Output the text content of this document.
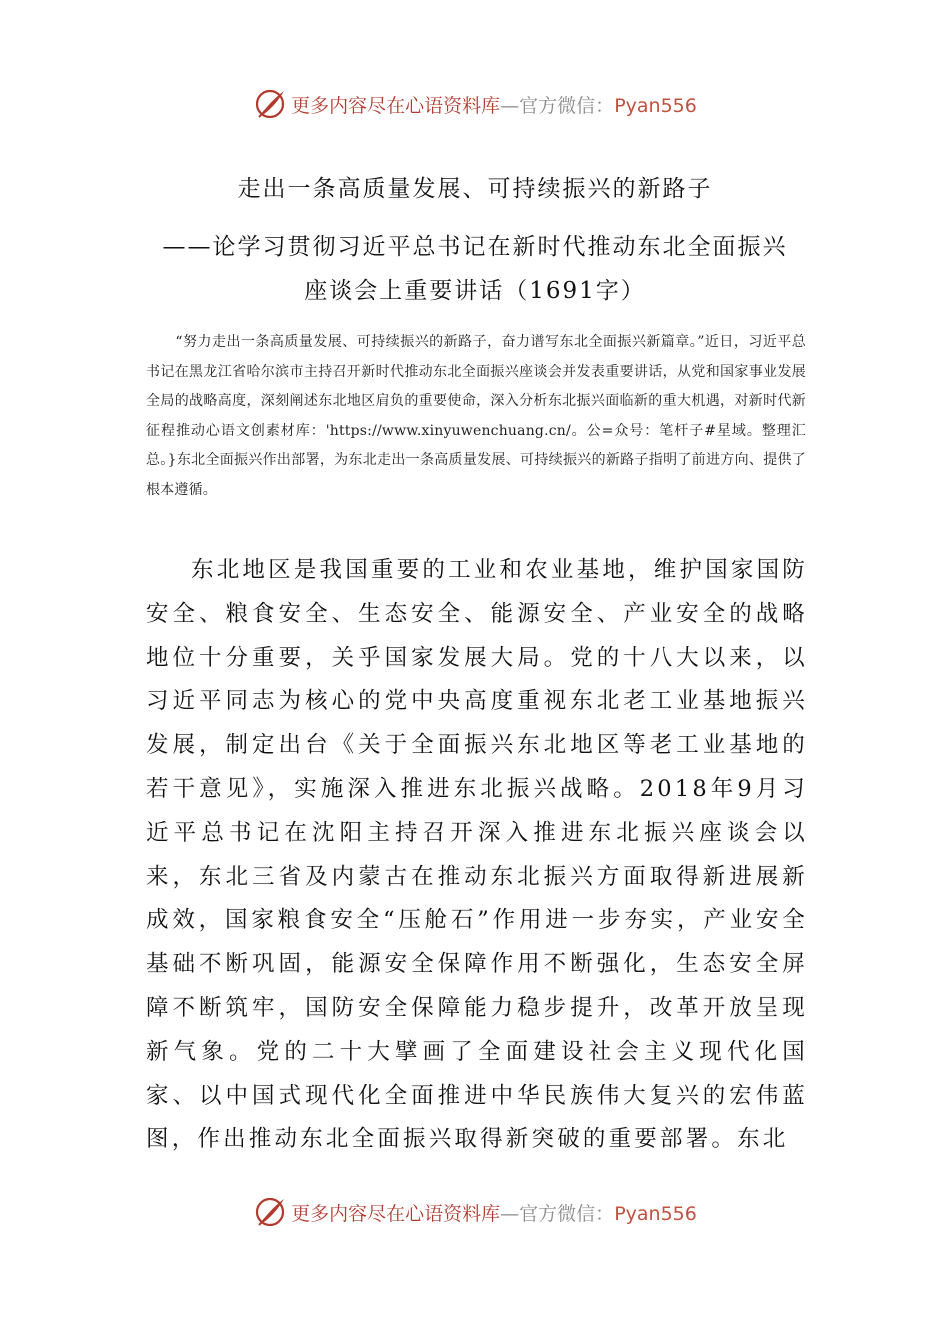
更多内容尽在心语资料库—官方微信：Pyan556
走出一条高质量发展、可持续振兴的新路子
——论学习贯彻习近平总书记在新时代推动东北全面振兴
座谈会上重要讲话（1691字）

“努力走出一条高质量发展、可持续振兴的新路子，奋力谱写东北全面振兴新篇章。”近日，习近平总书记在黑龙江省哈尔滨市主持召开新时代推动东北全面振兴座谈会并发表重要讲话，从党和国家事业发展全局的战略高度，深刻阐述东北地区肩负的重要使命，深入分析东北振兴面临新的重大机遇，对新时代新征程推动心语文创素材库：'https://www.xinyuwenchuang.cn/。公=众号：笔杆子#星域。整理汇总。}东北全面振兴作出部署，为东北走出一条高质量发展、可持续振兴的新路子指明了前进方向、提供了根本遵循。

东北地区是我国重要的工业和农业基地，维护国家国防安全、粮食安全、生态安全、能源安全、产业安全的战略地位十分重要，关乎国家发展大局。党的十八大以来，以习近平同志为核心的党中央高度重视东北老工业基地振兴发展，制定出台《关于全面振兴东北地区等老工业基地的若干意见》，实施深入推进东北振兴战略。2018年9月习近平总书记在沈阳主持召开深入推进东北振兴座谈会以来，东北三省及内蒙古在推动东北振兴方面取得新进展新成效，国家粮食安全“压舱石”作用进一步夯实，产业安全基础不断巩固，能源安全保障作用不断强化，生态安全屏障不断筑牢，国防安全保障能力稳步提升，改革开放呈现新气象。党的二十大擘画了全面建设社会主义现代化国家、以中国式现代化全面推进中华民族伟大复兴的宏伟蓝图，作出推动东北全面振兴取得新突破的重要部署。东北

更多内容尽在心语资料库—官方微信：Pyan556
